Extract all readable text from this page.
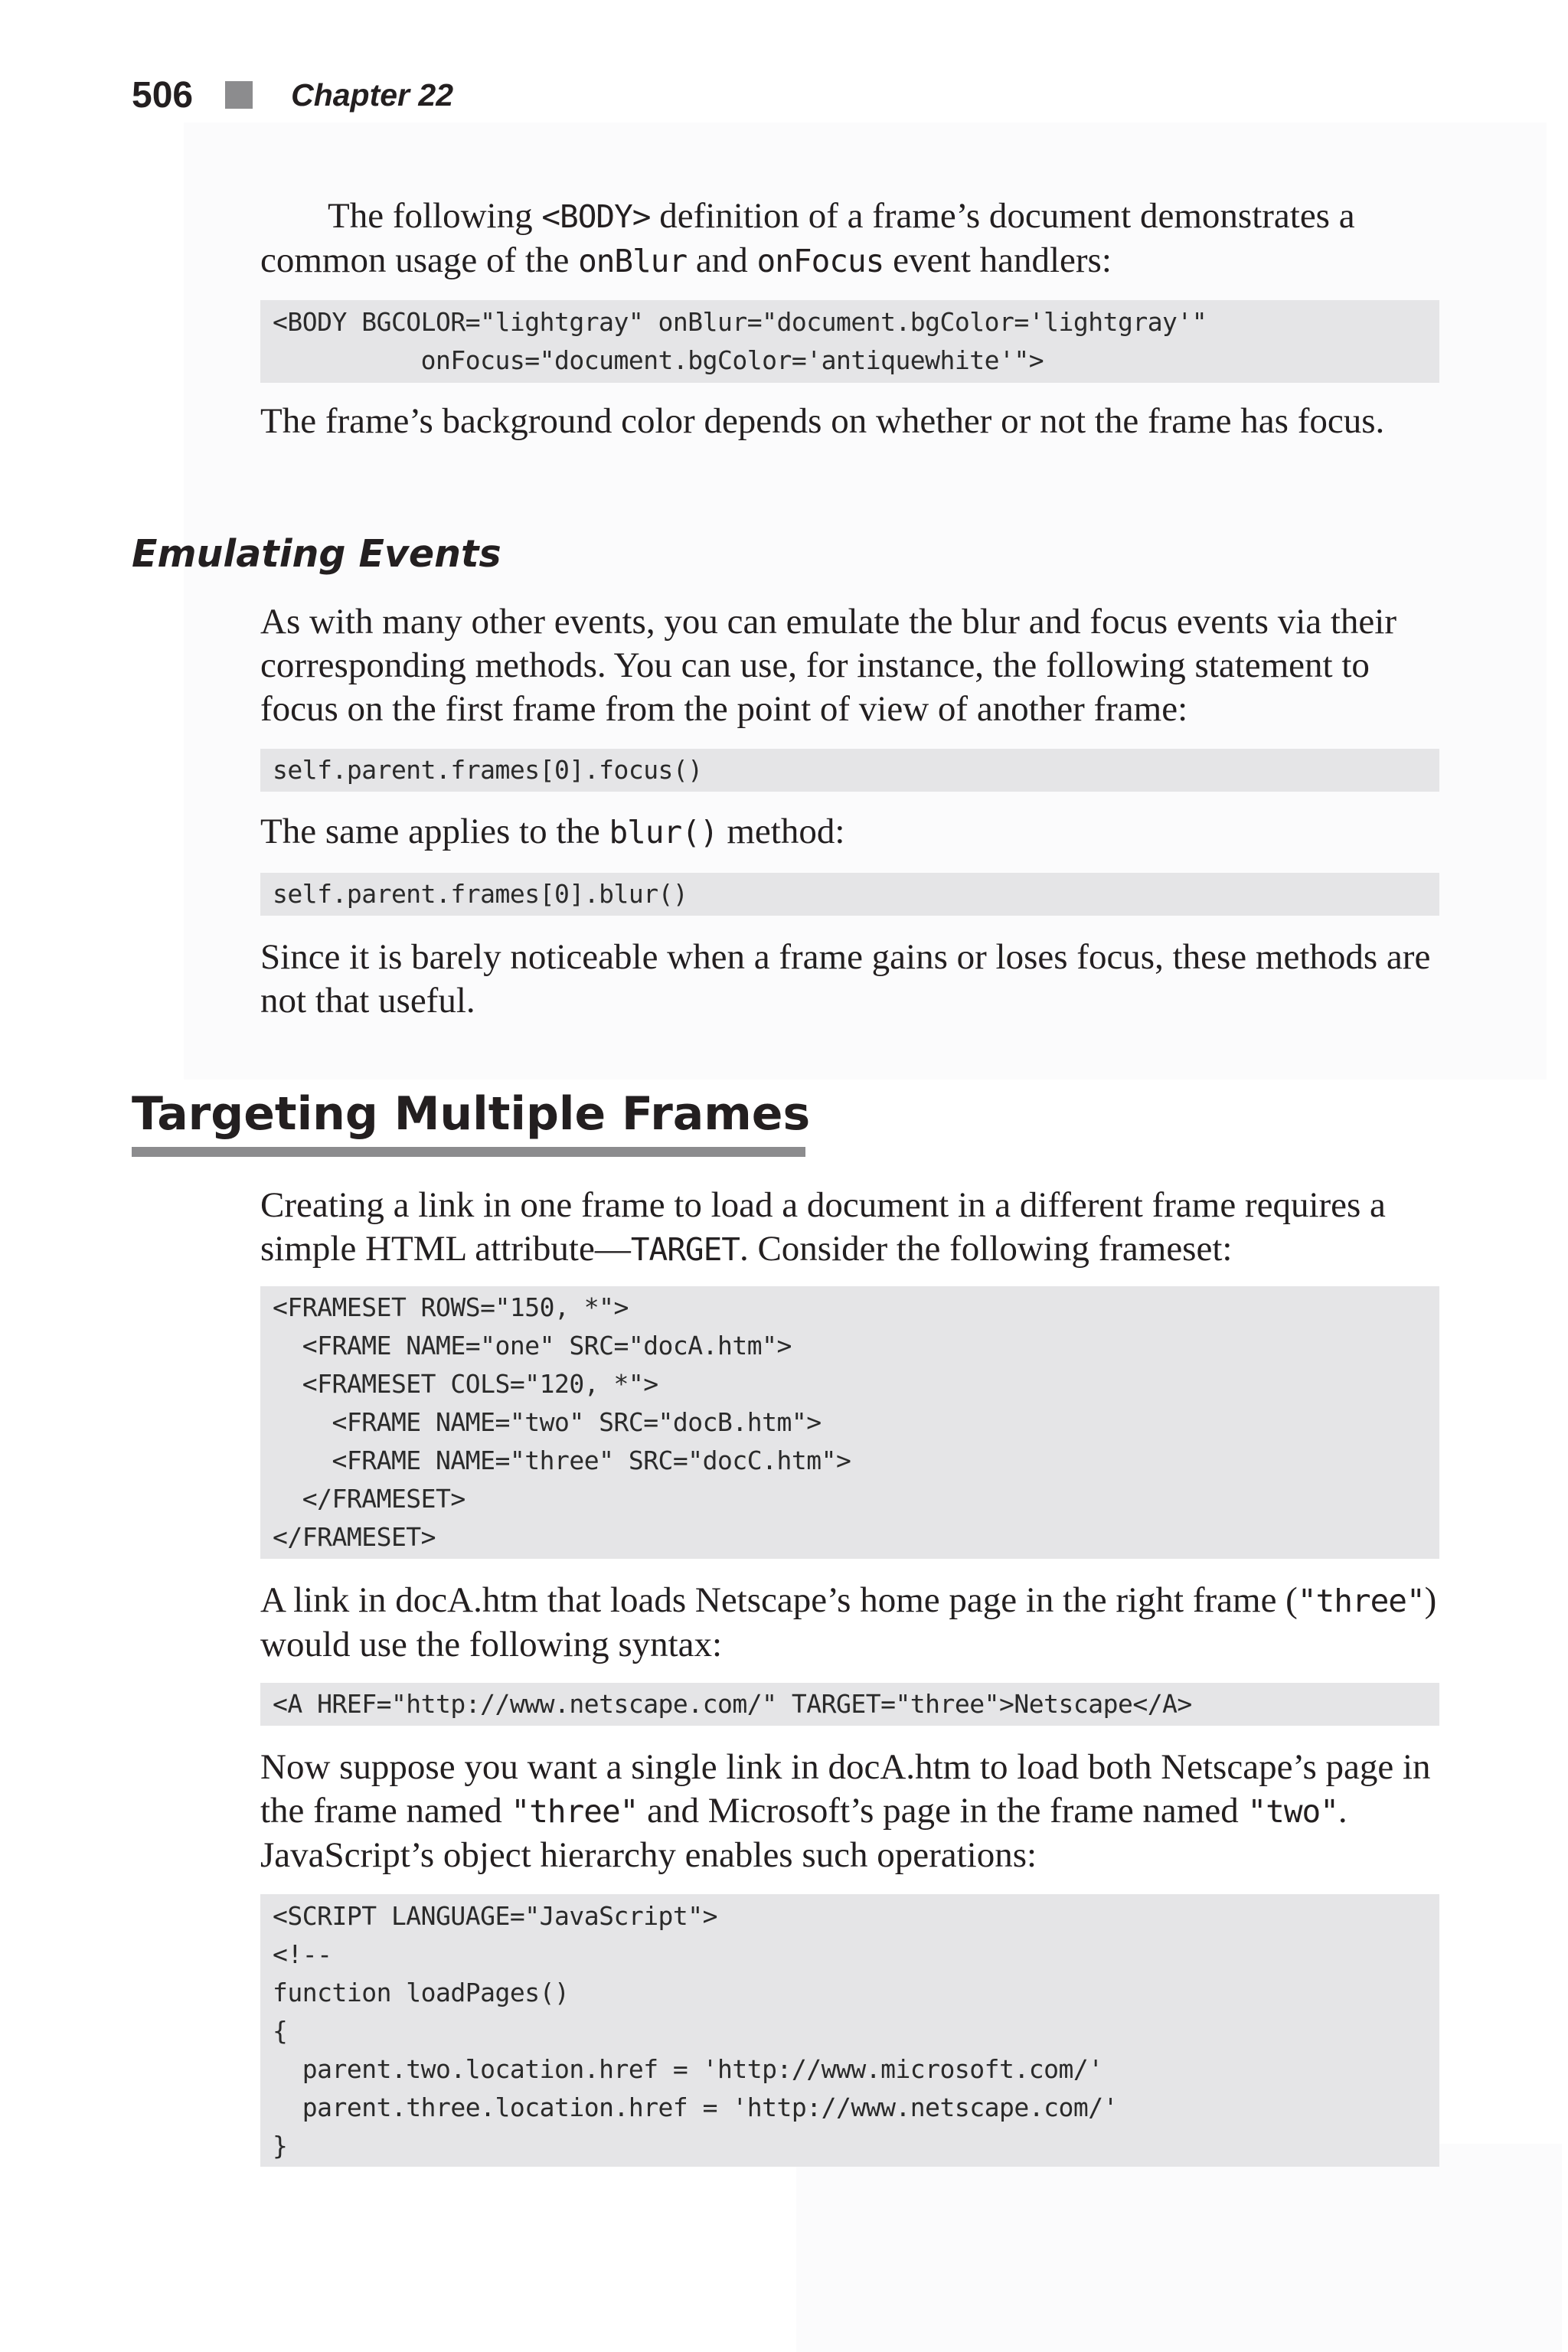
506	Chapter 22

The following <BODY> definition of a frame’s document demonstrates a common usage of the onBlur and onFocus event handlers:

<BODY BGCOLOR="lightgray" onBlur="document.bgColor='lightgray'"
onFocus="document.bgColor='antiquewhite'">

The frame’s background color depends on whether or not the frame has focus.

Emulating Events

As with many other events, you can emulate the blur and focus events via their corresponding methods. You can use, for instance, the following statement to focus on the first frame from the point of view of another frame:

self.parent.frames[0].focus()

The same applies to the blur() method:

self.parent.frames[0].blur()

Since it is barely noticeable when a frame gains or loses focus, these methods are not that useful.

Targeting Multiple Frames

Creating a link in one frame to load a document in a different frame requires a simple HTML attribute—TARGET. Consider the following frameset:

<FRAMESET ROWS="150, *">
<FRAME NAME="one" SRC="docA.htm">
<FRAMESET COLS="120, *">
<FRAME NAME="two" SRC="docB.htm">
<FRAME NAME="three" SRC="docC.htm">
</FRAMESET>
</FRAMESET>

A link in docA.htm that loads Netscape’s home page in the right frame ("three") would use the following syntax:

<A HREF="http://www.netscape.com/" TARGET="three">Netscape</A>

Now suppose you want a single link in docA.htm to load both Netscape’s page in the frame named "three" and Microsoft’s page in the frame named "two". JavaScript’s object hierarchy enables such operations:

<SCRIPT LANGUAGE="JavaScript">
<!--
function loadPages()
{
parent.two.location.href = 'http://www.microsoft.com/'
parent.three.location.href = 'http://www.netscape.com/'
}
